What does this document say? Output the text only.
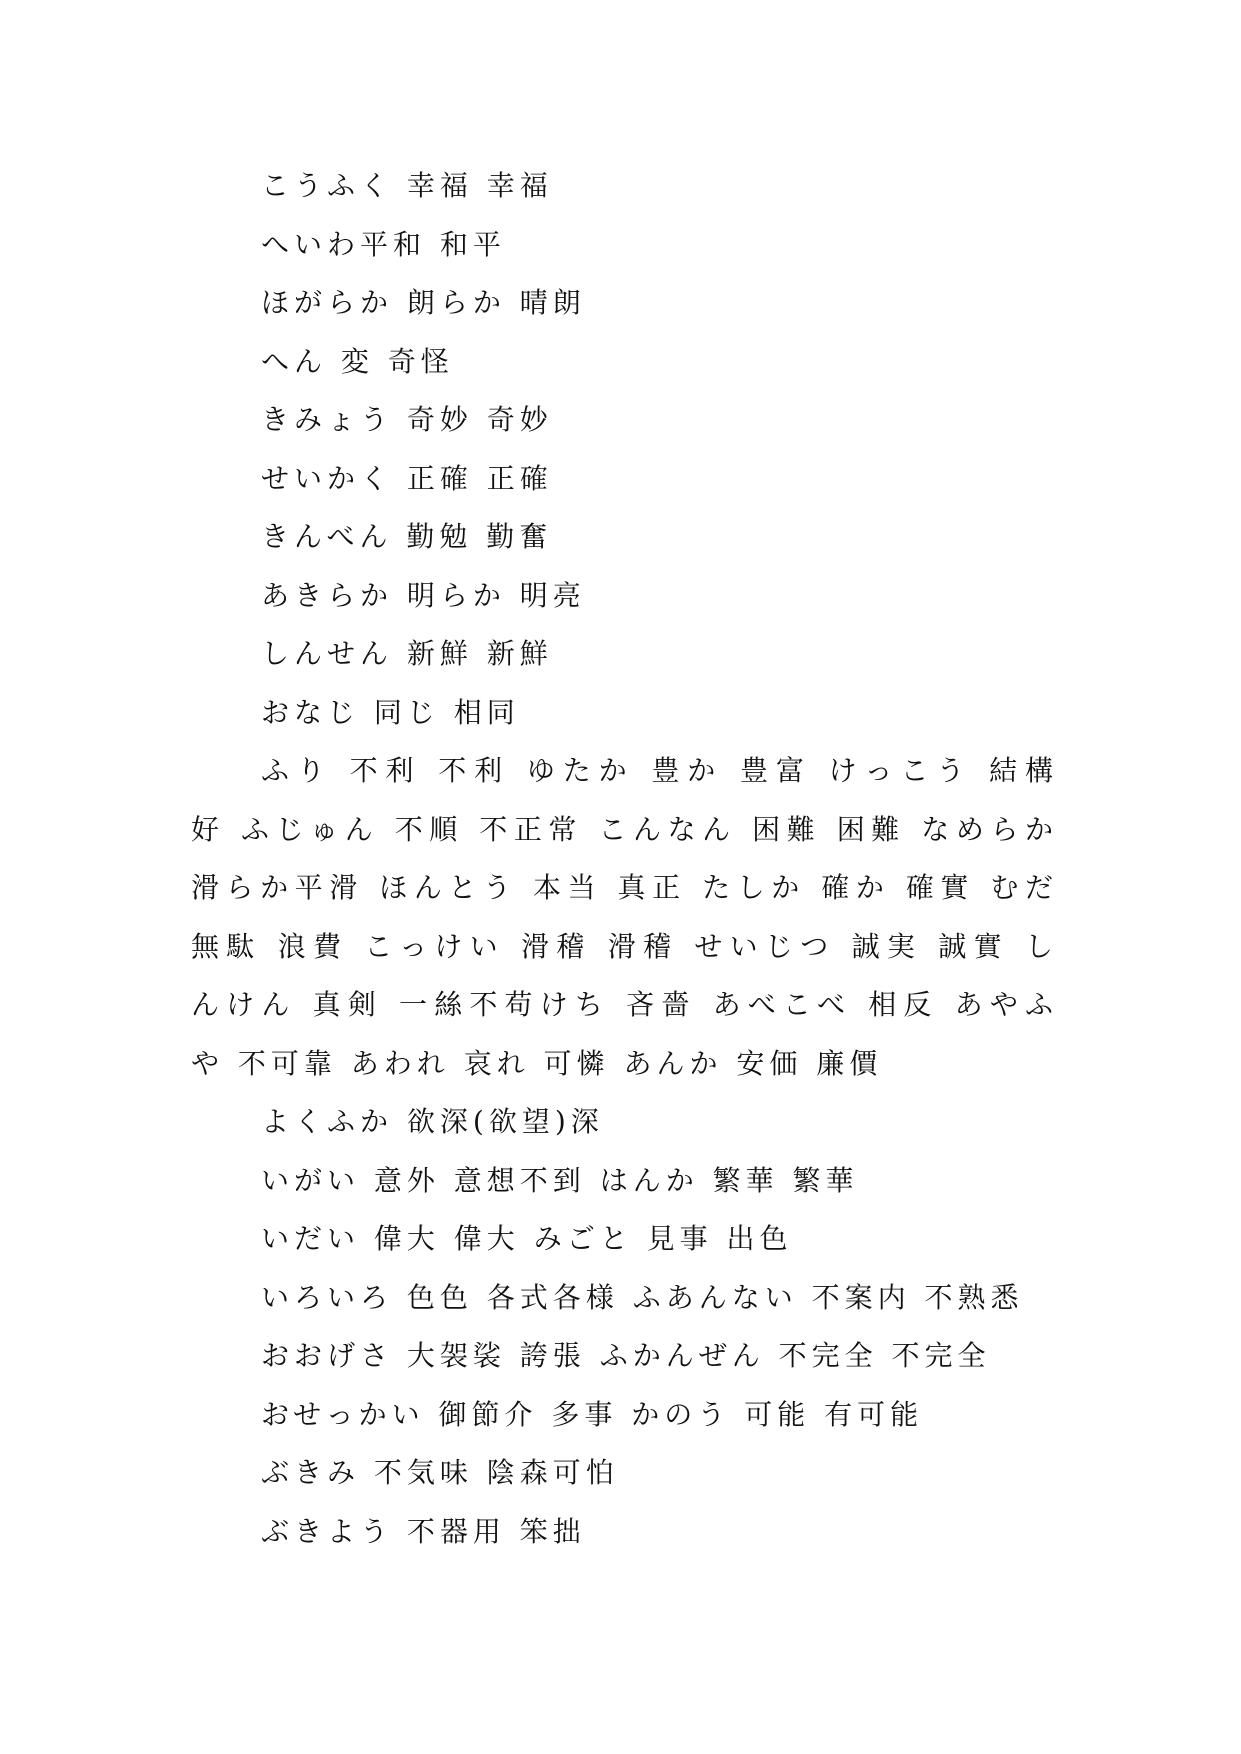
こうふく 幸福 幸福
へいわ平和 和平
ほがらか 朗らか 晴朗
へん 変 奇怪
きみょう 奇妙 奇妙
せいかく 正確 正確
きんべん 勤勉 勤奮
あきらか 明らか 明亮
しんせん 新鮮 新鮮
おなじ 同じ 相同
ふり 不利 不利 ゆたか 豊か 豊富 けっこう 結構
好 ふじゅん 不順 不正常 こんなん 困難 困難 なめらか
滑らか平滑 ほんとう 本当 真正 たしか 確か 確實 むだ
無駄 浪費 こっけい 滑稽 滑稽 せいじつ 誠実 誠實 し
んけん 真剣 一絲不苟けち 吝嗇 あべこべ 相反 あやふ
や 不可靠 あわれ 哀れ 可憐 あんか 安価 廉價
よくふか 欲深(欲望)深
いがい 意外 意想不到 はんか 繁華 繁華
いだい 偉大 偉大 みごと 見事 出色
いろいろ 色色 各式各様 ふあんない 不案内 不熟悉
おおげさ 大袈裟 誇張 ふかんぜん 不完全 不完全
おせっかい 御節介 多事 かのう 可能 有可能
ぶきみ 不気味 陰森可怕
ぶきよう 不器用 笨拙
